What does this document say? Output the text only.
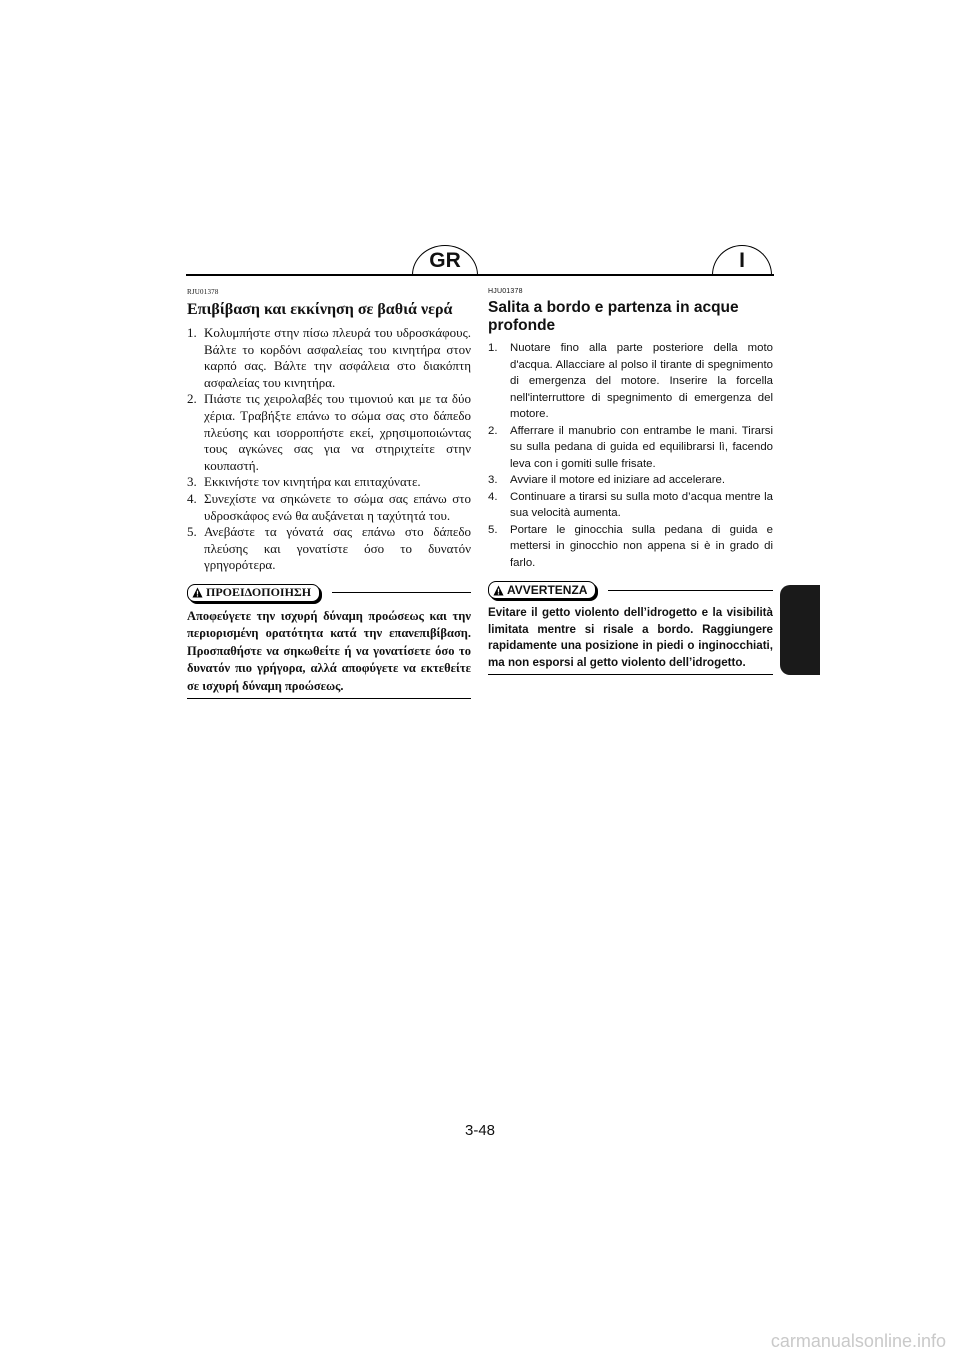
GR	I
RJU01378
Επιβίβαση και εκκίνηση σε βαθιά νερά
1 . Κολυμπήστε στην πίσω πλευρά του υδροσκάφους. Βάλτε το κορδόνι ασφαλείας του κινητήρα στον καρπό σας. Βάλτε την ασφάλεια στο διακόπτη ασφαλείας του κινητήρα.
2 . Πιάστε τις χειρολαβές του τιμονιού και με τα δύο χέρια. Τραβήξτε επάνω το σώμα σας στο δάπεδο πλεύσης και ισορροπήστε εκεί, χρησιμοποιώντας τους αγκώνες σας για να στηριχτείτε στην κουπαστή.
3 . Εκκινήστε τον κινητήρα και επιταχύνατε.
4 . Συνεχίστε να σηκώνετε το σώμα σας επάνω στο υδροσκάφος ενώ θα αυξάνεται η ταχύτητά του.
5 . Ανεβάστε τα γόνατά σας επάνω στο δάπεδο πλεύσης και γονατίστε όσο το δυνατόν γρηγορότερα.
ΠΡΟΕΙΔΟΠΟΙΗΣΗ
Αποφεύγετε την ισχυρή δύναμη προώσεως και την περιορισμένη ορατότητα κατά την επανεπιβίβαση. Προσπαθήστε να σηκωθείτε ή να γονατίσετε όσο το δυνατόν πιο γρήγορα, αλλά αποφύγετε να εκτεθείτε σε ισχυρή δύναμη προώσεως.
HJU01378
Salita a bordo e partenza in acque profonde
1 . Nuotare fino alla parte posteriore della moto d'acqua. Allacciare al polso il tirante di spegnimento di emergenza del motore. Inserire la forcella nell'interruttore di spegnimento di emergenza del motore.
2 . Afferrare il manubrio con entrambe le mani. Tirarsi su sulla pedana di guida ed equilibrarsi lì, facendo leva con i gomiti sulle frisate.
3 . Avviare il motore ed iniziare ad accelerare.
4 . Continuare a tirarsi su sulla moto d’acqua mentre la sua velocità aumenta.
5 . Portare le ginocchia sulla pedana di guida e mettersi in ginocchio non appena si è in grado di farlo.
AVVERTENZA
Evitare il getto violento dell’idrogetto e la visibilità limitata mentre si risale a bordo. Raggiungere rapidamente una posizione in piedi o inginocchiati, ma non esporsi al getto violento dell’idrogetto.
3-48
carmanualsonline.info
